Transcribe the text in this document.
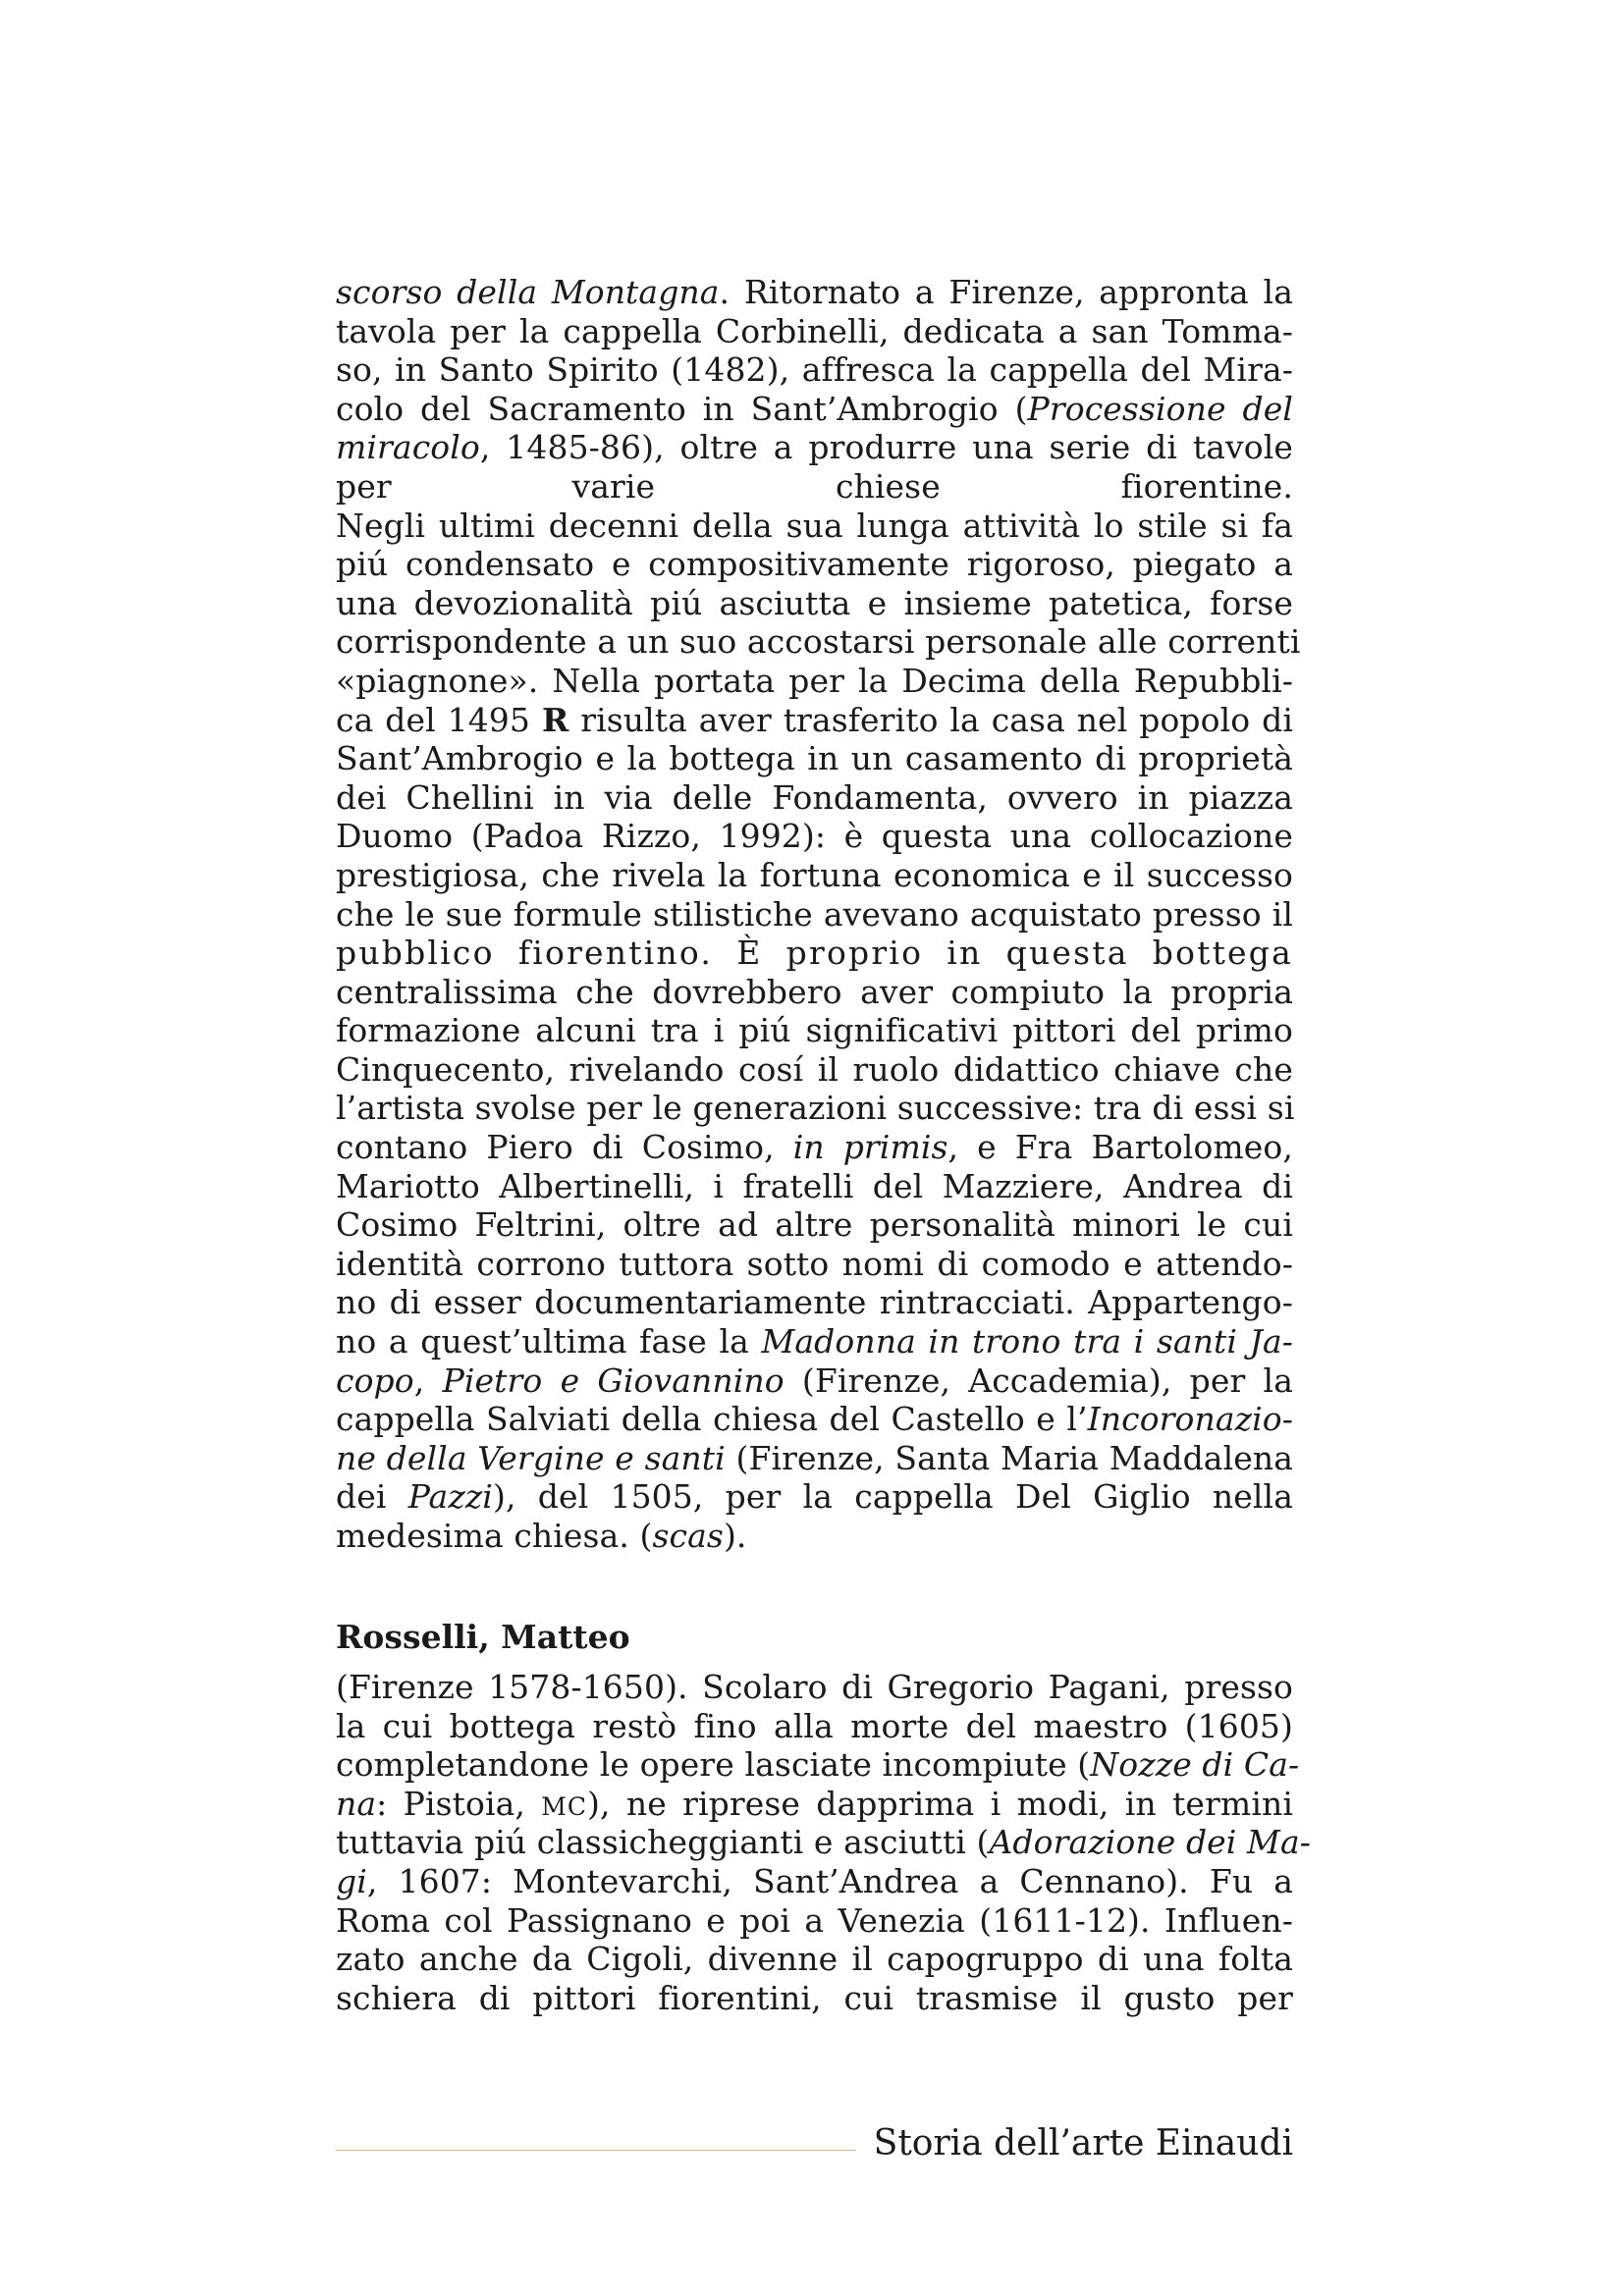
scorso della Montagna. Ritornato a Firenze, appronta la
tavola per la cappella Corbinelli, dedicata a san Tomma-
so, in Santo Spirito (1482), affresca la cappella del Mira-
colo del Sacramento in Sant’Ambrogio (Processione del
miracolo, 1485-86), oltre a produrre una serie di tavole
per varie chiese fiorentine.
Negli ultimi decenni della sua lunga attività lo stile si fa
piú condensato e compositivamente rigoroso, piegato a
una devozionalità piú asciutta e insieme patetica, forse
corrispondente a un suo accostarsi personale alle correnti
«piagnone». Nella portata per la Decima della Repubbli-
ca del 1495 R risulta aver trasferito la casa nel popolo di
Sant’Ambrogio e la bottega in un casamento di proprietà
dei Chellini in via delle Fondamenta, ovvero in piazza
Duomo (Padoa Rizzo, 1992): è questa una collocazione
prestigiosa, che rivela la fortuna economica e il successo
che le sue formule stilistiche avevano acquistato presso il
pubblico fiorentino. È proprio in questa bottega
centralissima che dovrebbero aver compiuto la propria
formazione alcuni tra i piú significativi pittori del primo
Cinquecento, rivelando cosí il ruolo didattico chiave che
l’artista svolse per le generazioni successive: tra di essi si
contano Piero di Cosimo, in primis, e Fra Bartolomeo,
Mariotto Albertinelli, i fratelli del Mazziere, Andrea di
Cosimo Feltrini, oltre ad altre personalità minori le cui
identità corrono tuttora sotto nomi di comodo e attendo-
no di esser documentariamente rintracciati. Appartengo-
no a quest’ultima fase la Madonna in trono tra i santi Ja-
copo, Pietro e Giovannino (Firenze, Accademia), per la
cappella Salviati della chiesa del Castello e l’Incoronazio-
ne della Vergine e santi (Firenze, Santa Maria Maddalena
dei Pazzi), del 1505, per la cappella Del Giglio nella
medesima chiesa. (scas).
Rosselli, Matteo
(Firenze 1578-1650). Scolaro di Gregorio Pagani, presso
la cui bottega restò fino alla morte del maestro (1605)
completandone le opere lasciate incompiute (Nozze di Ca-
na: Pistoia, MC), ne riprese dapprima i modi, in termini
tuttavia piú classicheggianti e asciutti (Adorazione dei Ma-
gi, 1607: Montevarchi, Sant’Andrea a Cennano). Fu a
Roma col Passignano e poi a Venezia (1611-12). Influen-
zato anche da Cigoli, divenne il capogruppo di una folta
schiera di pittori fiorentini, cui trasmise il gusto per
Storia dell’arte Einaudi
